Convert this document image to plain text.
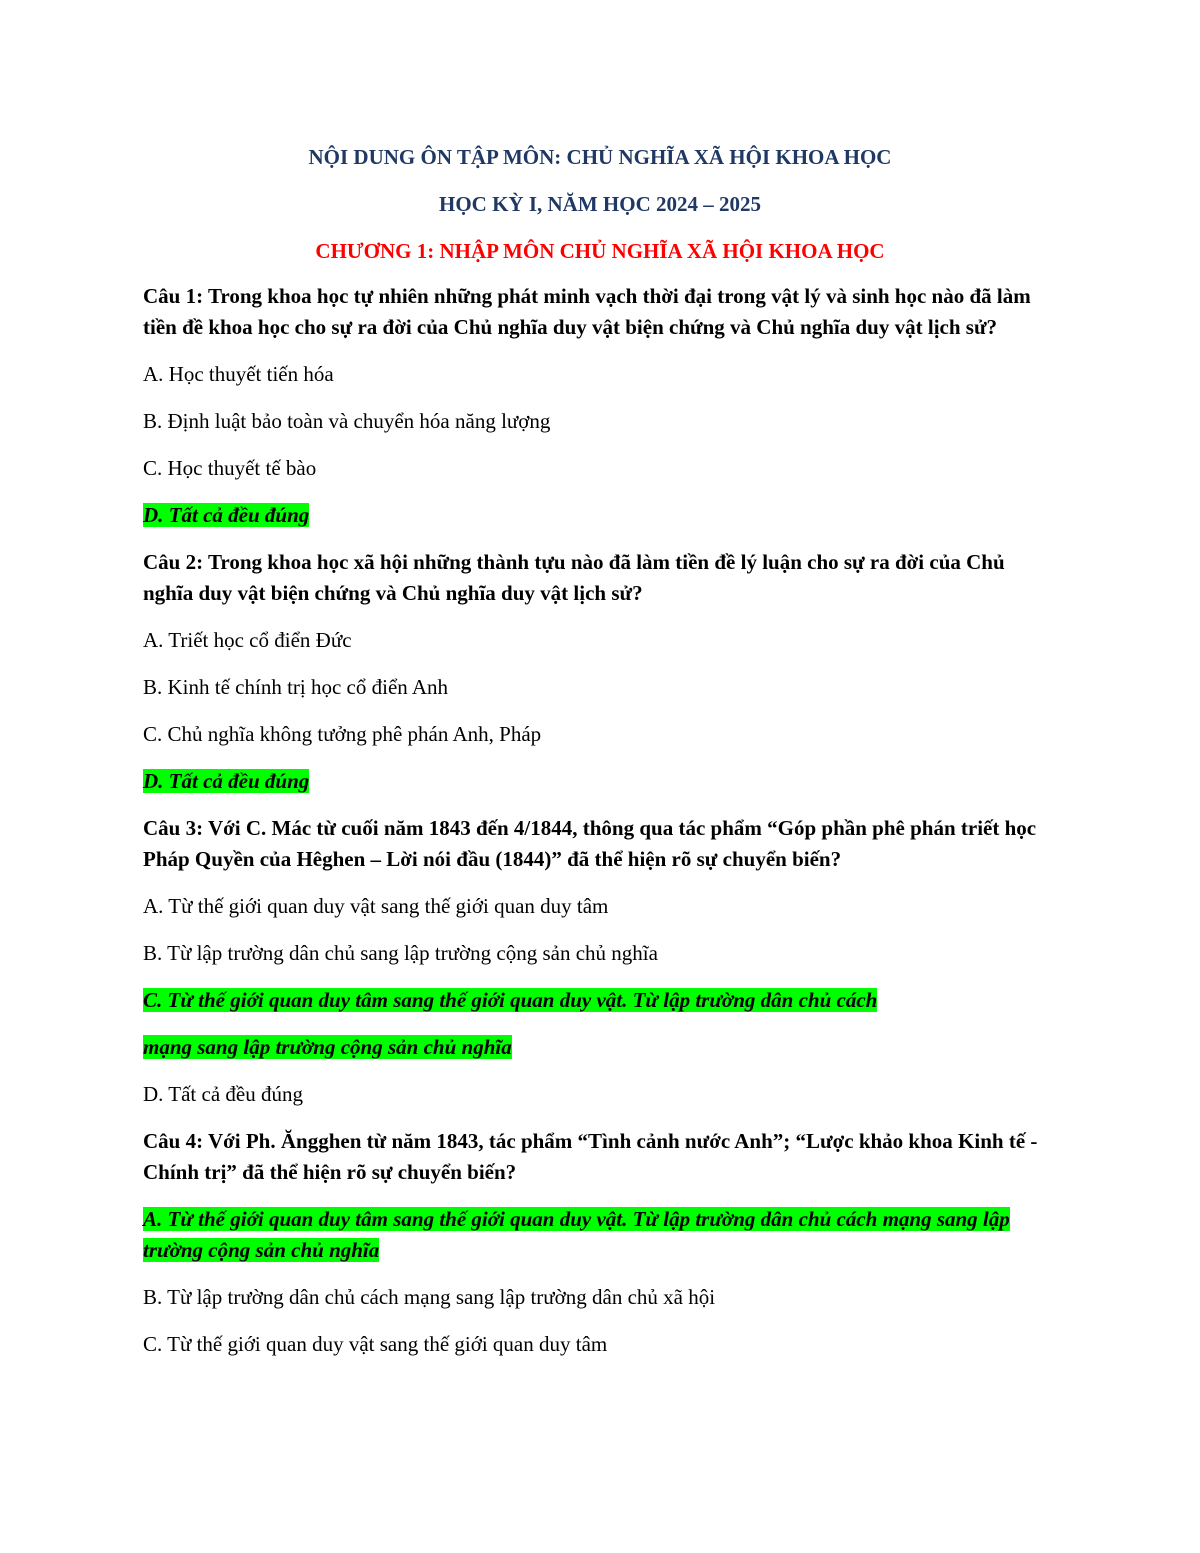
NỘI DUNG ÔN TẬP MÔN: CHỦ NGHĨA XÃ HỘI KHOA HỌC
HỌC KỲ I, NĂM HỌC 2024 – 2025
CHƯƠNG 1: NHẬP MÔN CHỦ NGHĨA XÃ HỘI KHOA HỌC
Câu 1: Trong khoa học tự nhiên những phát minh vạch thời đại trong vật lý và sinh học nào đã làm tiền đề khoa học cho sự ra đời của Chủ nghĩa duy vật biện chứng và Chủ nghĩa duy vật lịch sử?
A. Học thuyết tiến hóa
B. Định luật bảo toàn và chuyển hóa năng lượng
C. Học thuyết tế bào
D. Tất cả đều đúng
Câu 2: Trong khoa học xã hội những thành tựu nào đã làm tiền đề lý luận cho sự ra đời của Chủ nghĩa duy vật biện chứng và Chủ nghĩa duy vật lịch sử?
A. Triết học cổ điển Đức
B. Kinh tế chính trị học cổ điển Anh
C. Chủ nghĩa không tưởng phê phán Anh, Pháp
D. Tất cả đều đúng
Câu 3: Với C. Mác từ cuối năm 1843 đến 4/1844, thông qua tác phẩm “Góp phần phê phán triết học Pháp Quyền của Hêghen – Lời nói đầu (1844)” đã thể hiện rõ sự chuyển biến?
A. Từ thế giới quan duy vật sang thế giới quan duy tâm
B. Từ lập trường dân chủ sang lập trường cộng sản chủ nghĩa
C. Từ thế giới quan duy tâm sang thế giới quan duy vật. Từ lập trường dân chủ cách
mạng sang lập trường cộng sản chủ nghĩa
D. Tất cả đều đúng
Câu 4: Với Ph. Ăngghen từ năm 1843, tác phẩm “Tình cảnh nước Anh”; “Lược khảo khoa Kinh tế - Chính trị” đã thể hiện rõ sự chuyển biến?
A. Từ thế giới quan duy tâm sang thế giới quan duy vật. Từ lập trường dân chủ cách mạng sang lập trường cộng sản chủ nghĩa
B. Từ lập trường dân chủ cách mạng sang lập trường dân chủ xã hội
C. Từ thế giới quan duy vật sang thế giới quan duy tâm
